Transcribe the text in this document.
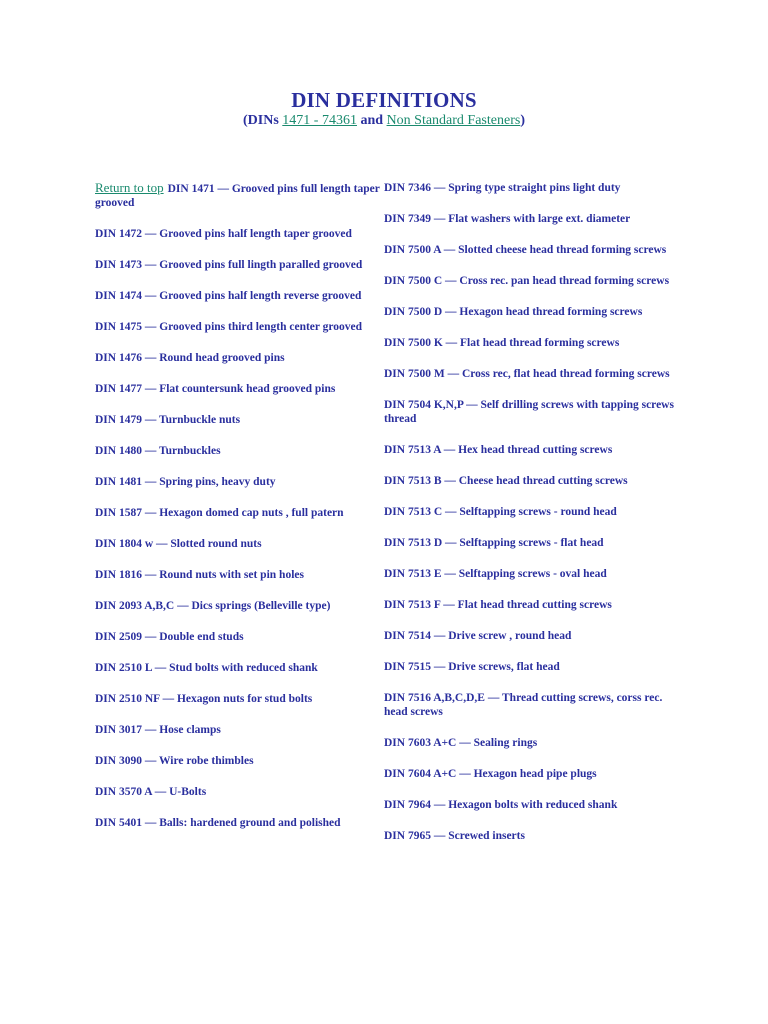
DIN DEFINITIONS
(DINs 1471 - 74361 and Non Standard Fasteners)

Return to top DIN 1471 — Grooved pins full length taper grooved

DIN 1472 — Grooved pins half length taper grooved

DIN 1473 — Grooved pins full lingth paralled grooved

DIN 1474 — Grooved pins half length reverse grooved

DIN 1475 — Grooved pins third length center grooved

DIN 1476 — Round head grooved pins

DIN 1477 — Flat countersunk head grooved pins

DIN 1479 — Turnbuckle nuts

DIN 1480 — Turnbuckles

DIN 1481 — Spring pins, heavy duty

DIN 1587 — Hexagon domed cap nuts , full patern

DIN 1804 w — Slotted round nuts

DIN 1816 — Round nuts with set pin holes

DIN 2093 A,B,C — Dics springs (Belleville type)

DIN 2509 — Double end studs

DIN 2510 L — Stud bolts with reduced shank

DIN 2510 NF — Hexagon nuts for stud bolts

DIN 3017 — Hose clamps

DIN 3090 — Wire robe thimbles

DIN 3570 A — U-Bolts

DIN 5401 — Balls: hardened ground and polished

DIN 7346 — Spring type straight pins light duty

DIN 7349 — Flat washers with large ext. diameter

DIN 7500 A — Slotted cheese head thread forming screws

DIN 7500 C — Cross rec. pan head thread forming screws

DIN 7500 D — Hexagon head thread forming screws

DIN 7500 K — Flat head thread forming screws

DIN 7500 M — Cross rec, flat head thread forming screws

DIN 7504 K,N,P — Self drilling screws with tapping screws thread

DIN 7513 A — Hex head thread cutting screws

DIN 7513 B — Cheese head thread cutting screws

DIN 7513 C — Selftapping screws - round head

DIN 7513 D — Selftapping screws - flat head

DIN 7513 E — Selftapping screws - oval head

DIN 7513 F — Flat head thread cutting screws

DIN 7514 — Drive screw , round head

DIN 7515 — Drive screws, flat head

DIN 7516 A,B,C,D,E — Thread cutting screws, corss rec. head screws

DIN 7603 A+C — Sealing rings

DIN 7604 A+C — Hexagon head pipe plugs

DIN 7964 — Hexagon bolts with reduced shank

DIN 7965 — Screwed inserts
